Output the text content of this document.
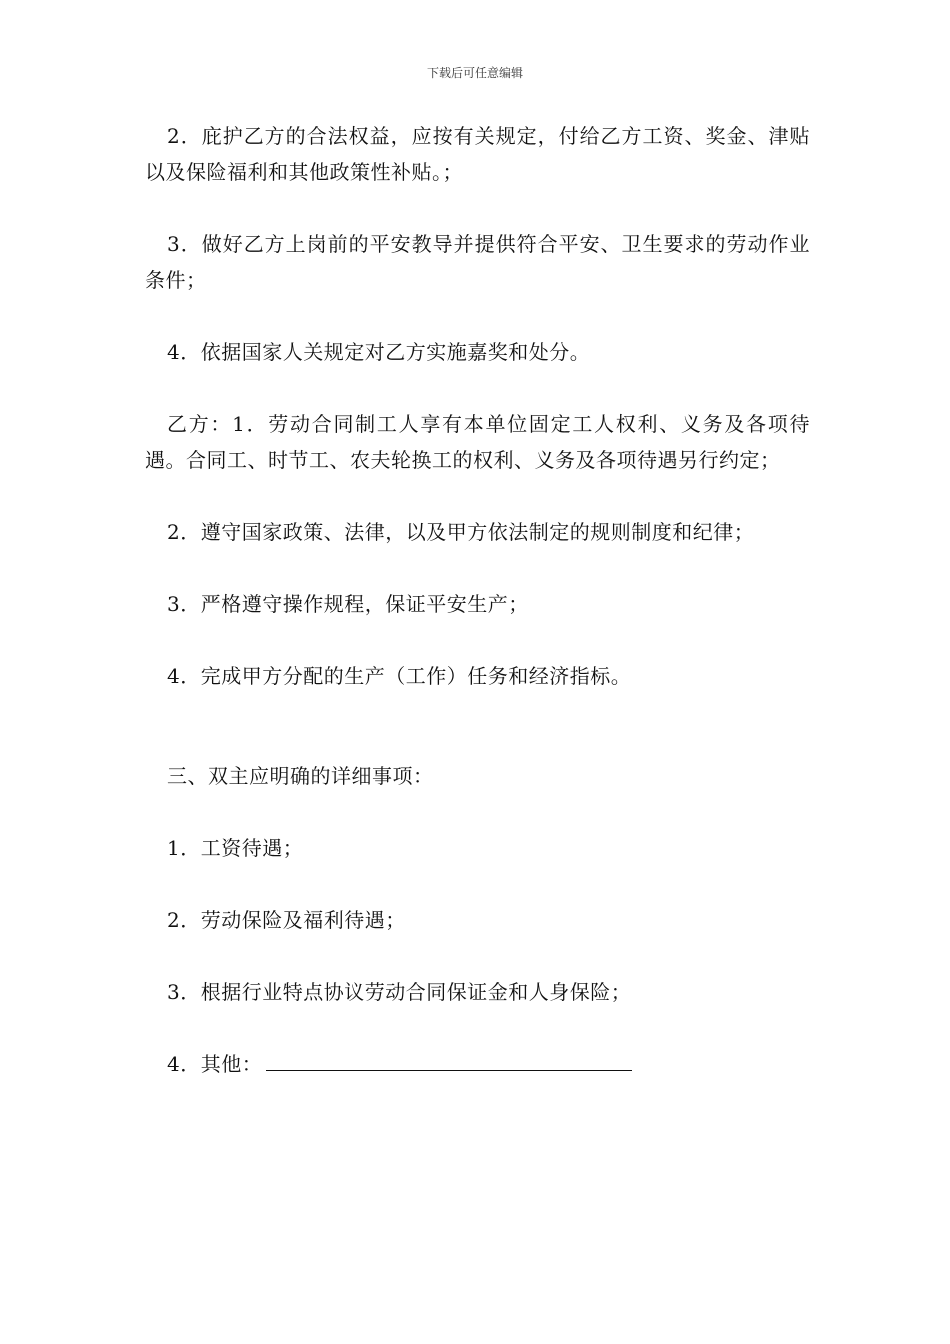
下载后可任意编辑

2．庇护乙方的合法权益，应按有关规定，付给乙方工资、奖金、津贴以及保险福利和其他政策性补贴。；

3．做好乙方上岗前的平安教导并提供符合平安、卫生要求的劳动作业条件；

4．依据国家人关规定对乙方实施嘉奖和处分。

乙方：1．劳动合同制工人享有本单位固定工人权利、义务及各项待遇。合同工、时节工、农夫轮换工的权利、义务及各项待遇另行约定；

2．遵守国家政策、法律，以及甲方依法制定的规则制度和纪律；

3．严格遵守操作规程，保证平安生产；

4．完成甲方分配的生产（工作）任务和经济指标。

三、双主应明确的详细事项：

1．工资待遇；

2．劳动保险及福利待遇；

3．根据行业特点协议劳动合同保证金和人身保险；

4．其他：
